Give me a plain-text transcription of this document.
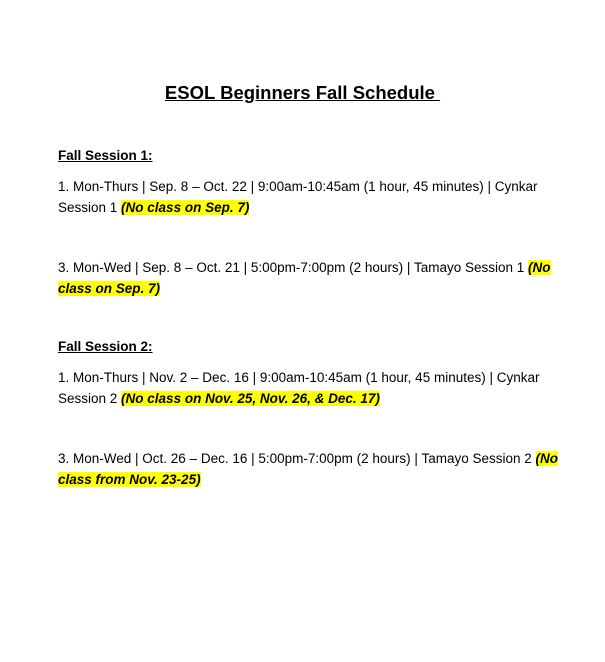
ESOL Beginners Fall Schedule
Fall Session 1:

1. Mon-Thurs | Sep. 8 – Oct. 22 | 9:00am-10:45am (1 hour, 45 minutes) | Cynkar Session 1 (No class on Sep. 7)

3. Mon-Wed | Sep. 8 – Oct. 21 | 5:00pm-7:00pm (2 hours) | Tamayo Session 1 (No class on Sep. 7)

Fall Session 2:

1. Mon-Thurs | Nov. 2 – Dec. 16 | 9:00am-10:45am (1 hour, 45 minutes) | Cynkar Session 2 (No class on Nov. 25, Nov. 26, & Dec. 17)

3. Mon-Wed | Oct. 26 – Dec. 16 | 5:00pm-7:00pm (2 hours) | Tamayo Session 2 (No class from Nov. 23-25)
